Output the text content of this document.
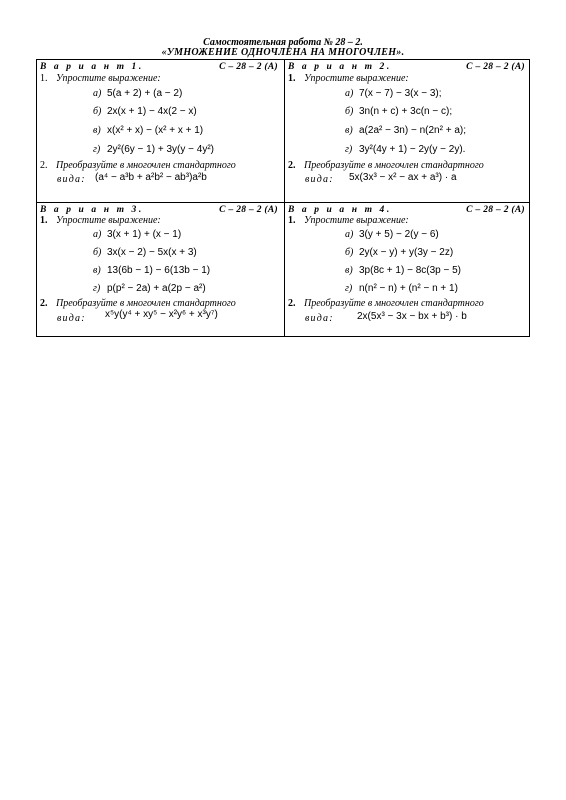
Самостоятельная работа № 28 – 2.
«УМНОЖЕНИЕ ОДНОЧЛЕНА НА МНОГОЧЛЕН».
В а р и а н т 1.	С – 28 – 2 (А)
1. Упростите выражение:
а) 5(a + 2) + (a − 2)
б) 2x(x + 1) − 4x(2 − x)
в) x(x² + x) − (x² + x + 1)
г) 2y²(6y − 1) + 3y(y − 4y²)
2. Преобразуйте в многочлен стандартного
вида: (a⁴ − a³b + a²b² − ab³)a²b
В а р и а н т 2.	С – 28 – 2 (А)
1. Упростите выражение:
а) 7(x − 7) − 3(x − 3);
б) 3n(n + c) + 3c(n − c);
в) a(2a² − 3n) − n(2n² + a);
г) 3y²(4y + 1) − 2y(y − 2y).
2. Преобразуйте в многочлен стандартного
вида: 5x(3x³ − x² − ax + a³) · a
В а р и а н т 3.	С – 28 – 2 (А)
1. Упростите выражение:
а) 3(x + 1) + (x − 1)
б) 3x(x − 2) − 5x(x + 3)
в) 13(6b − 1) − 6(13b − 1)
г) p(p² − 2a) + a(2p − a²)
2. Преобразуйте в многочлен стандартного
вида: x⁵y(y⁴ + xy⁵ − x²y⁶ + x³y⁷)
В а р и а н т 4.	С – 28 – 2 (А)
1. Упростите выражение:
а) 3(y + 5) − 2(y − 6)
б) 2y(x − y) + y(3y − 2z)
в) 3p(8c + 1) − 8c(3p − 5)
г) n(n² − n) + (n² − n + 1)
2. Преобразуйте в многочлен стандартного
вида: 2x(5x³ − 3x − bx + b³) · b
